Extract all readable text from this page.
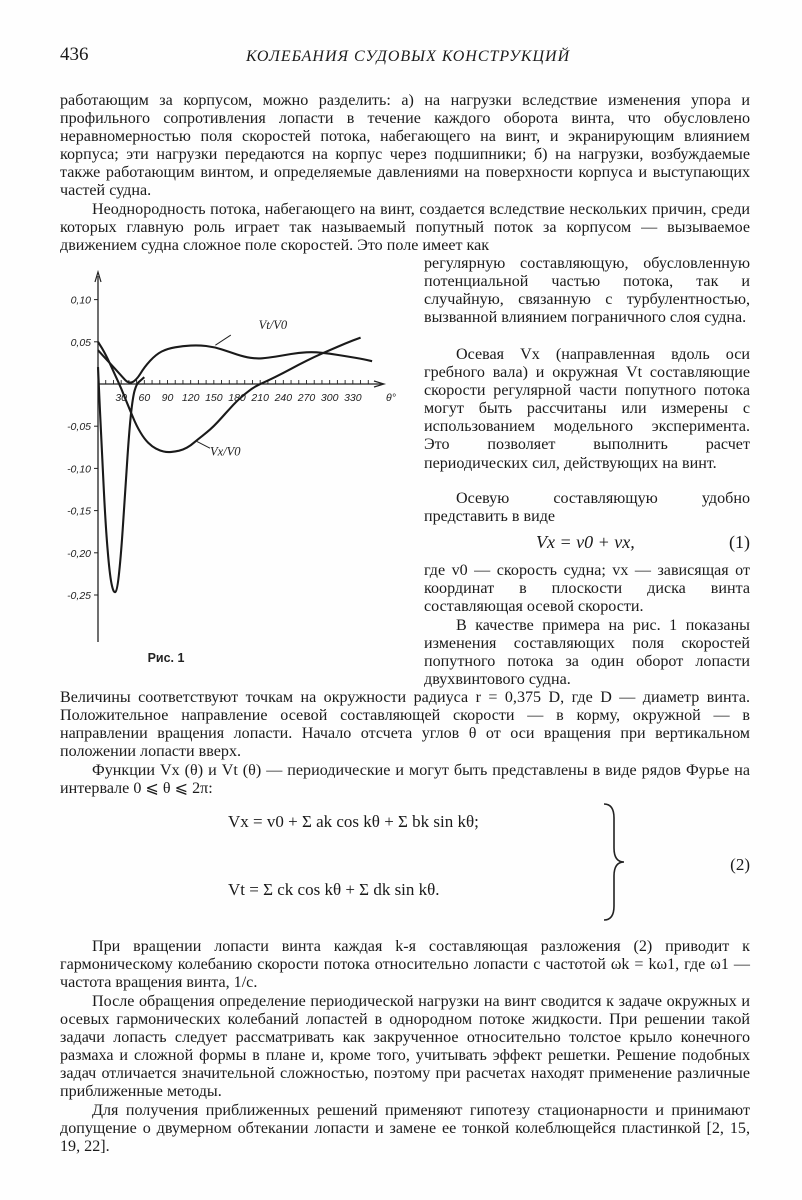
436	КОЛЕБАНИЯ СУДОВЫХ КОНСТРУКЦИЙ

работающим за корпусом, можно разделить: а) на нагрузки вследствие изменения упора и профильного сопротивления лопасти в течение каждого оборота винта, что обусловлено неравномерностью поля скоростей потока, набегающего на винт, и экранирующим влиянием корпуса; эти нагрузки передаются на корпус через подшипники; б) на нагрузки, возбуждаемые также работающим винтом, и определяемые давлениями на поверхности корпуса и выступающих частей судна.

Неоднородность потока, набегающего на винт, создается вследствие нескольких причин, среди которых главную роль играет так называемый попутный поток за корпусом — вызываемое движением судна сложное поле скоростей. Это поле имеет как

регулярную составляющую, обусловленную потенциальной частью потока, так и случайную, связанную с турбулентностью, вызванной влиянием пограничного слоя судна.

Осевая Vx (направленная вдоль оси гребного вала) и окружная Vt составляющие скорости регулярной части попутного потока могут быть рассчитаны или измерены с использованием модельного эксперимента. Это позволяет выполнить расчет периодических сил, действующих на винт.

Осевую составляющую удобно представить в виде

Vx = v0 + vx,	(1)

где v0 — скорость судна; vx — зависящая от координат в плоскости диска винта составляющая осевой скорости.

В качестве примера на рис. 1 показаны изменения составляющих поля скоростей попутного потока за один оборот лопасти двухвинтового судна.

Величины соответствуют точкам на окружности радиуса r = 0,375 D, где D — диаметр винта. Положительное направление осевой составляющей скорости — в корму, окружной — в направлении вращения лопасти. Начало отсчета углов θ от оси вращения при вертикальном положении лопасти вверх.

Функции Vx (θ) и Vt (θ) — периодические и могут быть представлены в виде рядов Фурье на интервале 0 ⩽ θ ⩽ 2π:

Vx = v0 + Σ ak cos kθ + Σ bk sin kθ;
Vt = Σ ck cos kθ + Σ dk sin kθ.
(2)

При вращении лопасти винта каждая k-я составляющая разложения (2) приводит к гармоническому колебанию скорости потока относительно лопасти с частотой ωk = kω1, где ω1 — частота вращения винта, 1/с.

После обращения определение периодической нагрузки на винт сводится к задаче окружных и осевых гармонических колебаний лопастей в однородном потоке жидкости. При решении такой задачи лопасть следует рассматривать как закрученное относительно толстое крыло конечного размаха и сложной формы в плане и, кроме того, учитывать эффект решетки. Решение подобных задач отличается значительной сложностью, поэтому при расчетах находят применение различные приближенные методы.

Для получения приближенных решений применяют гипотезу стационарности и принимают допущение о двумерном обтекании лопасти и замене ее тонкой колеблющейся пластинкой [2, 15, 19, 22].

0,10
0,05
-0,05
-0,10
-0,15
-0,20
-0,25
30 60 90 120 150 180 210 240 270 300 330 θ°
Vt/V0
Vx/V0
Рис. 1
